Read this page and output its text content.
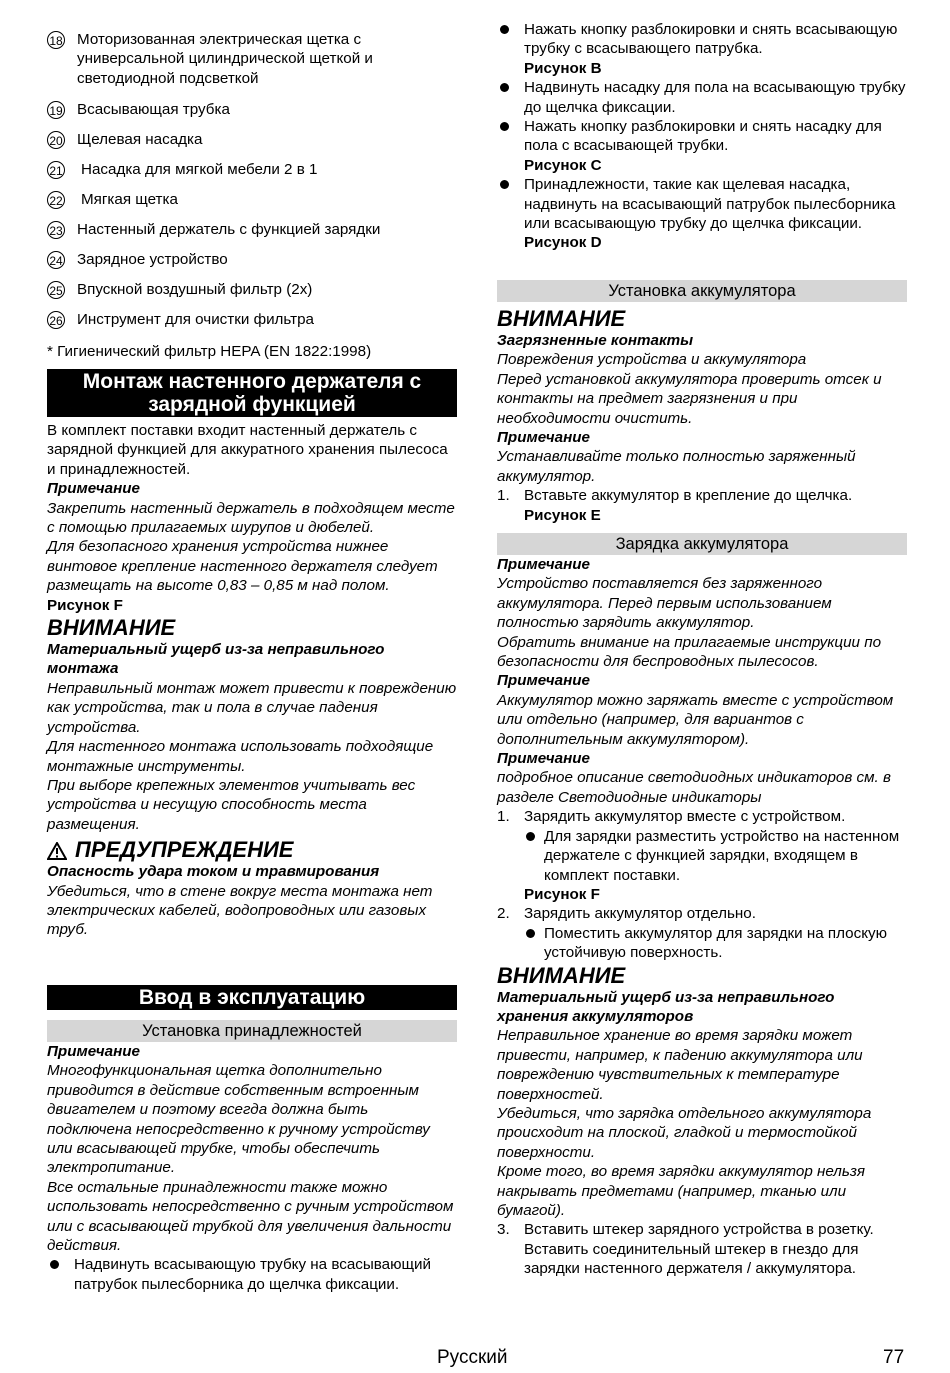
18 Моторизованная электрическая щетка с универсальной цилиндрической щеткой и светодиодной подсветкой

19 Всасывающая трубка

20 Щелевая насадка

21 Насадка для мягкой мебели 2 в 1

22 Мягкая щетка

23 Настенный держатель с функцией зарядки

24 Зарядное устройство

25 Впускной воздушный фильтр (2x)

26 Инструмент для очистки фильтра

* Гигиенический фильтр HEPA (EN 1822:1998)

Монтаж настенного держателя с зарядной функцией

В комплект поставки входит настенный держатель с зарядной функцией для аккуратного хранения пылесоса и принадлежностей.

Примечание

Закрепить настенный держатель в подходящем месте с помощью прилагаемых шурупов и дюбелей.

Для безопасного хранения устройства нижнее винтовое крепление настенного держателя следует размещать на высоте 0,83 – 0,85 м над полом.

Рисунок F

ВНИМАНИЕ

Материальный ущерб из-за неправильного монтажа

Неправильный монтаж может привести к повреждению как устройства, так и пола в случае падения устройства.

Для настенного монтажа использовать подходящие монтажные инструменты.

При выборе крепежных элементов учитывать вес устройства и несущую способность места размещения.

ПРЕДУПРЕЖДЕНИЕ

Опасность удара током и травмирования

Убедиться, что в стене вокруг места монтажа нет электрических кабелей, водопроводных или газовых труб.

Ввод в эксплуатацию
Установка принадлежностей

Примечание

Многофункциональная щетка дополнительно приводится в действие собственным встроенным двигателем и поэтому всегда должна быть подключена непосредственно к ручному устройству или всасывающей трубке, чтобы обеспечить электропитание.

Все остальные принадлежности также можно использовать непосредственно с ручным устройством или с всасывающей трубкой для увеличения дальности действия.

Надвинуть всасывающую трубку на всасывающий патрубок пылесборника до щелчка фиксации.

Нажать кнопку разблокировки и снять всасывающую трубку с всасывающего патрубка.

Рисунок B

Надвинуть насадку для пола на всасывающую трубку до щелчка фиксации.

Нажать кнопку разблокировки и снять насадку для пола с всасывающей трубки.

Рисунок C

Принадлежности, такие как щелевая насадка, надвинуть на всасывающий патрубок пылесборника или всасывающую трубку до щелчка фиксации.

Рисунок D

Установка аккумулятора

ВНИМАНИЕ

Загрязненные контакты

Повреждения устройства и аккумулятора

Перед установкой аккумулятора проверить отсек и контакты на предмет загрязнения и при необходимости очистить.

Примечание

Устанавливайте только полностью заряженный аккумулятор.

1. Вставьте аккумулятор в крепление до щелчка.

Рисунок E

Зарядка аккумулятора

Примечание

Устройство поставляется без заряженного аккумулятора. Перед первым использованием полностью зарядить аккумулятор.

Обратить внимание на прилагаемые инструкции по безопасности для беспроводных пылесосов.

Примечание

Аккумулятор можно заряжать вместе с устройством или отдельно (например, для вариантов с дополнительным аккумулятором).

Примечание

подробное описание светодиодных индикаторов см. в разделе Светодиодные индикаторы

1. Зарядить аккумулятор вместе с устройством.

Для зарядки разместить устройство на настенном держателе с функцией зарядки, входящем в комплект поставки.

Рисунок F

2. Зарядить аккумулятор отдельно.

Поместить аккумулятор для зарядки на плоскую устойчивую поверхность.

ВНИМАНИЕ

Материальный ущерб из-за неправильного хранения аккумуляторов

Неправильное хранение во время зарядки может привести, например, к падению аккумулятора или повреждению чувствительных к температуре поверхностей.

Убедиться, что зарядка отдельного аккумулятора происходит на плоской, гладкой и термостойкой поверхности.

Кроме того, во время зарядки аккумулятор нельзя накрывать предметами (например, тканью или бумагой).

3. Вставить штекер зарядного устройства в розетку. Вставить соединительный штекер в гнездо для зарядки настенного держателя / аккумулятора.

Русский	77
